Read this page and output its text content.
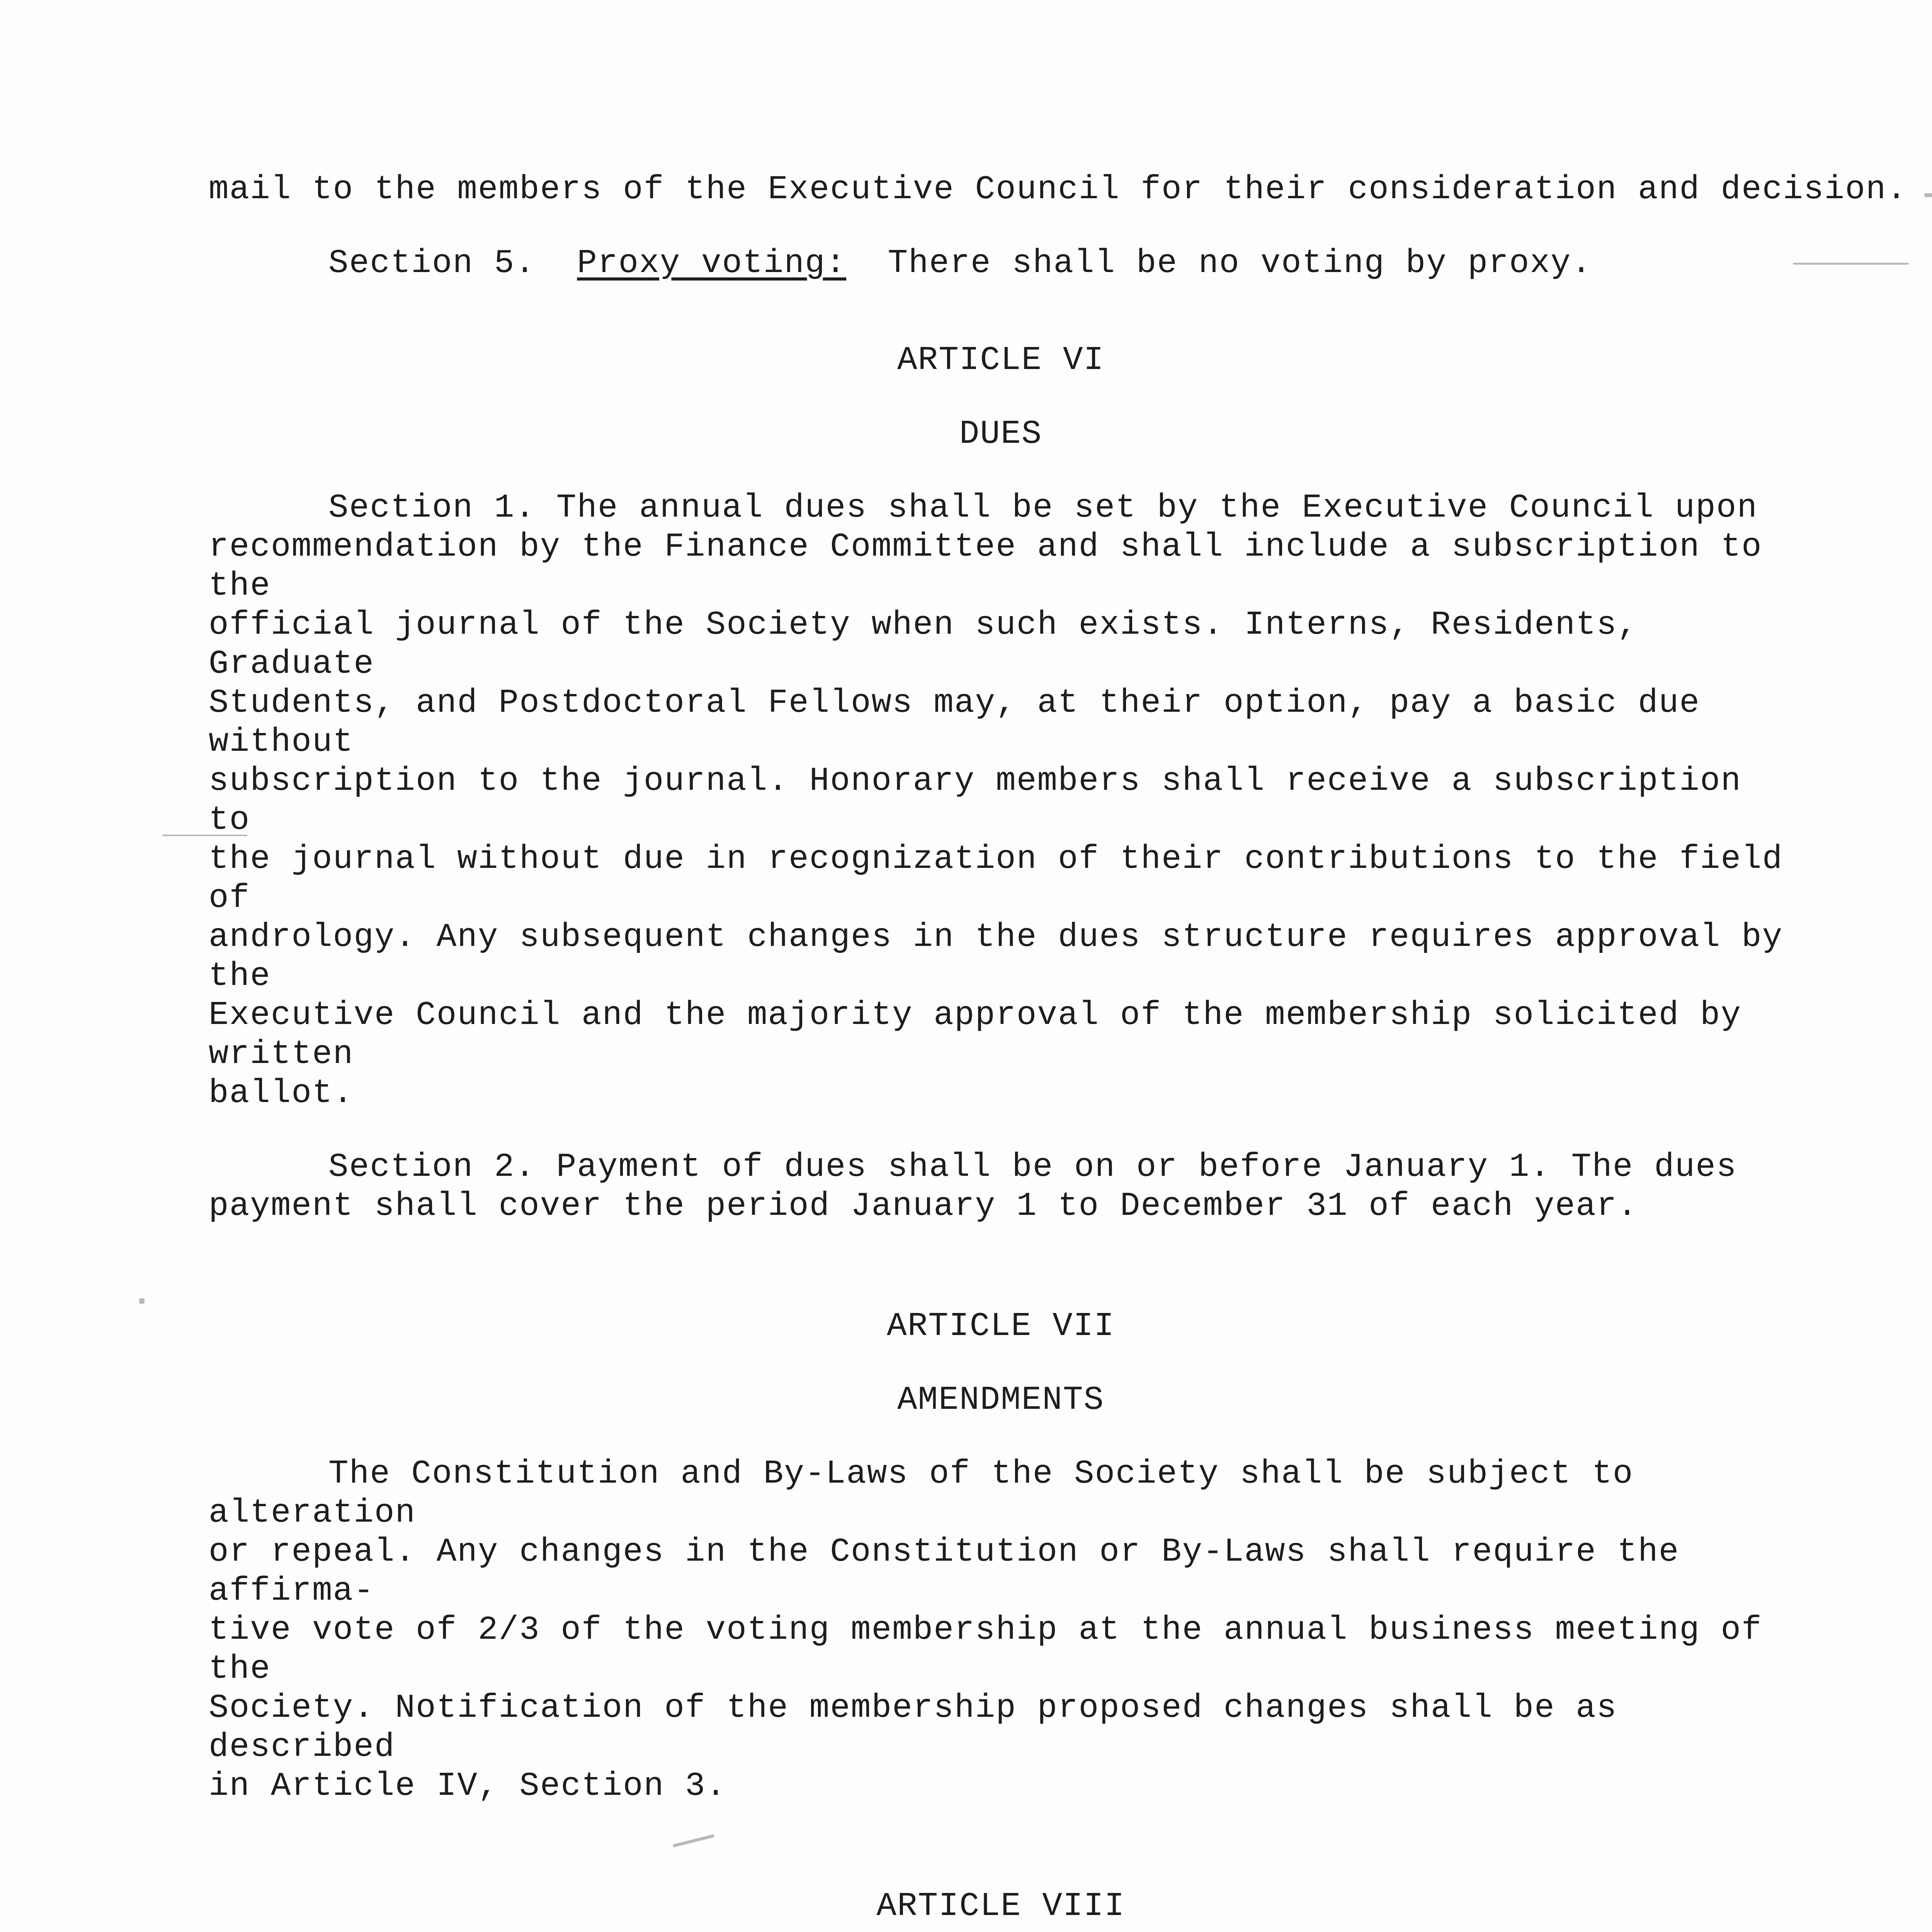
mail to the members of the Executive Council for their consideration and decision.

Section 5. Proxy voting: There shall be no voting by proxy.

ARTICLE VI

DUES

Section 1. The annual dues shall be set by the Executive Council upon
recommendation by the Finance Committee and shall include a subscription to the
official journal of the Society when such exists. Interns, Residents, Graduate
Students, and Postdoctoral Fellows may, at their option, pay a basic due without
subscription to the journal. Honorary members shall receive a subscription to
the journal without due in recognization of their contributions to the field of
andrology. Any subsequent changes in the dues structure requires approval by the
Executive Council and the majority approval of the membership solicited by written
ballot.

Section 2. Payment of dues shall be on or before January 1. The dues
payment shall cover the period January 1 to December 31 of each year.

ARTICLE VII

AMENDMENTS

The Constitution and By-Laws of the Society shall be subject to alteration
or repeal. Any changes in the Constitution or By-Laws shall require the affirma-
tive vote of 2/3 of the voting membership at the annual business meeting of the
Society. Notification of the membership proposed changes shall be as described
in Article IV, Section 3.

ARTICLE VIII
